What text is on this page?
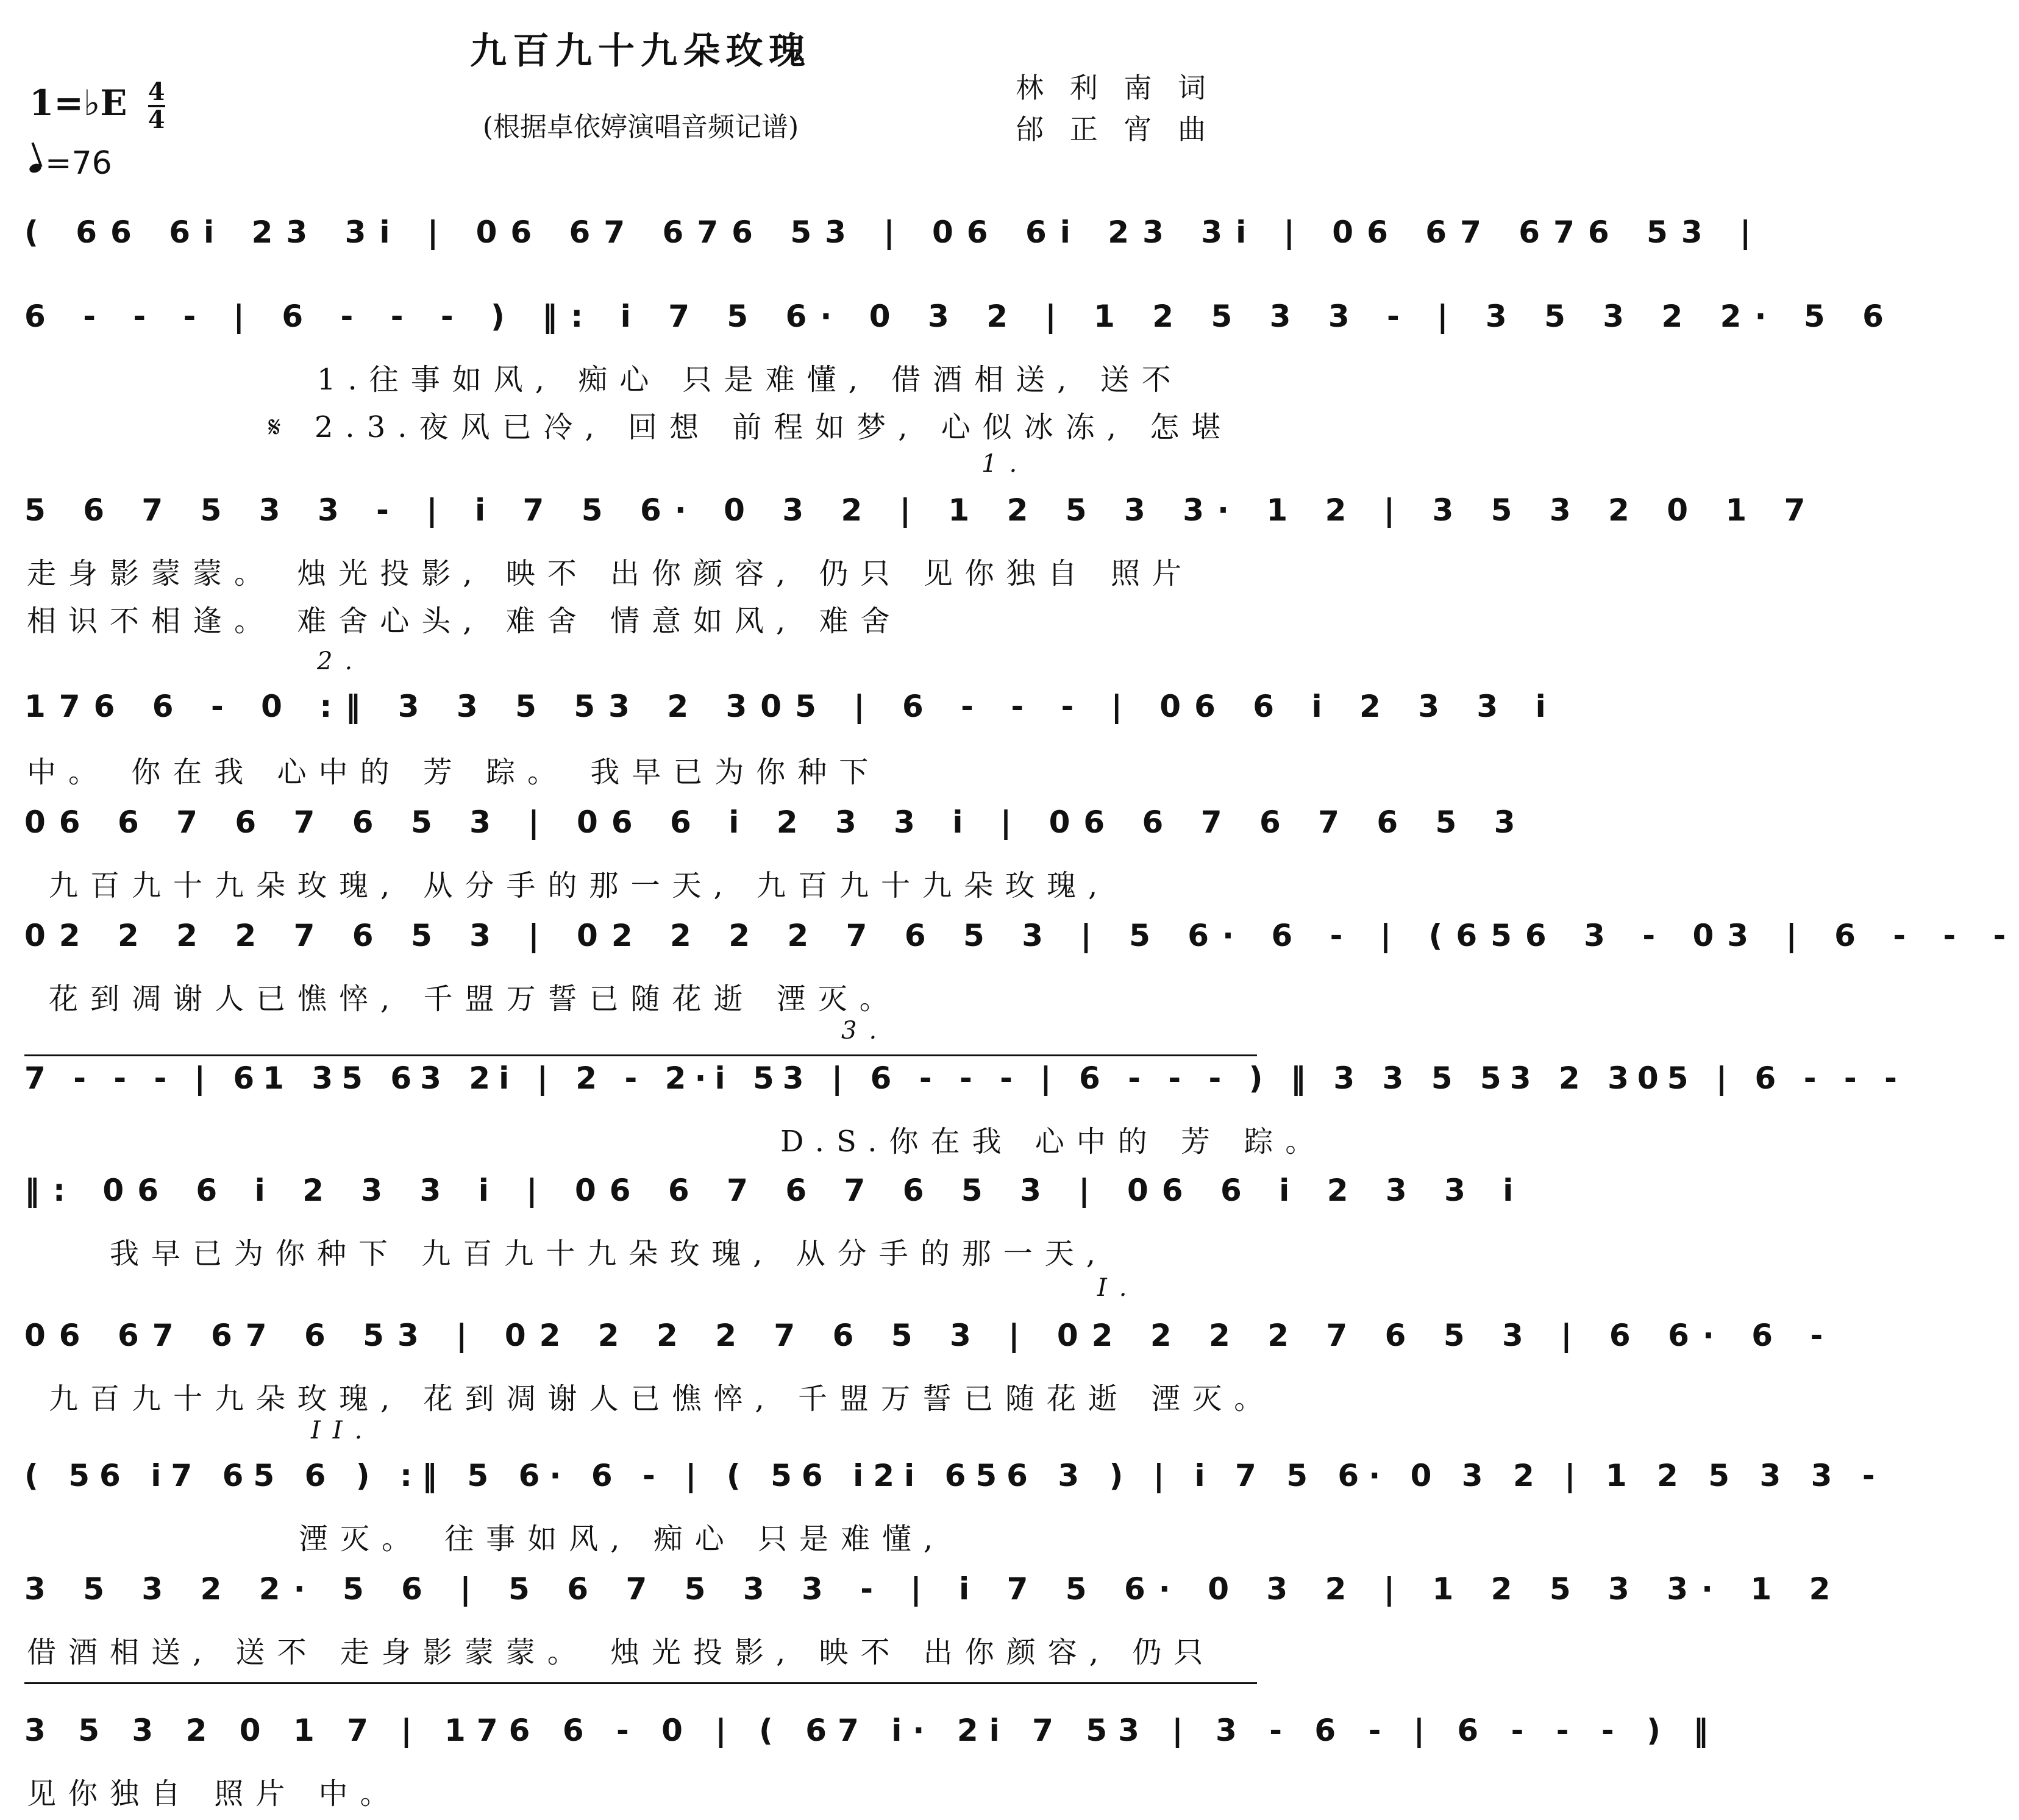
九百九十九朵玫瑰
(根据卓依婷演唱音频记谱)
林 利 南 词
邰 正 宵 曲
1=♭E $\frac{4}{4}$
=76
( 66 6i 23 3i | 06 67 676 53 | 06 6i 23 3i | 06 67 676 53 |
6 - - - | 6 - - - ) ‖: i 7 5 6· 0 3 2 | 1 2 5 3 3 - | 3 5 3 2 2· 5 6
1.往事如风, 痴心 只是难懂, 借酒相送, 送不
𝄋 2.3.夜风已冷, 回想 前程如梦, 心似冰冻, 怎堪
1.
5 6 7 5 3 3 - | i 7 5 6· 0 3 2 | 1 2 5 3 3· 1 2 | 3 5 3 2 0 1 7
走身影蒙蒙。 烛光投影, 映不 出你颜容, 仍只 见你独自 照片
相识不相逢。 难舍心头, 难舍 情意如风, 难舍
2.
176 6 - 0 :‖ 3 3 5 53 2 305 | 6 - - - | 06 6 i 2 3 3 i
中。 你在我 心中的 芳 踪。 我早已为你种下
06 6 7 6 7 6 5 3 | 06 6 i 2 3 3 i | 06 6 7 6 7 6 5 3
九百九十九朵玫瑰, 从分手的那一天, 九百九十九朵玫瑰,
02 2 2 2 7 6 5 3 | 02 2 2 2 7 6 5 3 | 5 6· 6 - | (656 3 - 03 | 6 - - -
花到凋谢人已憔悴, 千盟万誓已随花逝 湮灭。
3.
7 - - - | 61 35 63 2i | 2 - 2·i 53 | 6 - - - | 6 - - - ) ‖ 3 3 5 53 2 305 | 6 - - -
D.S.你在我 心中的 芳 踪。
‖: 06 6 i 2 3 3 i | 06 6 7 6 7 6 5 3 | 06 6 i 2 3 3 i
我早已为你种下 九百九十九朵玫瑰, 从分手的那一天,
I.
06 67 67 6 53 | 02 2 2 2 7 6 5 3 | 02 2 2 2 7 6 5 3 | 6 6· 6 -
九百九十九朵玫瑰, 花到凋谢人已憔悴, 千盟万誓已随花逝 湮灭。
II.
( 56 i7 65 6 ) :‖ 5 6· 6 - | ( 56 i2i 656 3 ) | i 7 5 6· 0 3 2 | 1 2 5 3 3 -
湮灭。 往事如风, 痴心 只是难懂,
3 5 3 2 2· 5 6 | 5 6 7 5 3 3 - | i 7 5 6· 0 3 2 | 1 2 5 3 3· 1 2
借酒相送, 送不 走身影蒙蒙。 烛光投影, 映不 出你颜容, 仍只
3 5 3 2 0 1 7 | 176 6 - 0 | ( 67 i· 2i 7 53 | 3 - 6 - | 6 - - - ) ‖
见你独自 照片 中。
